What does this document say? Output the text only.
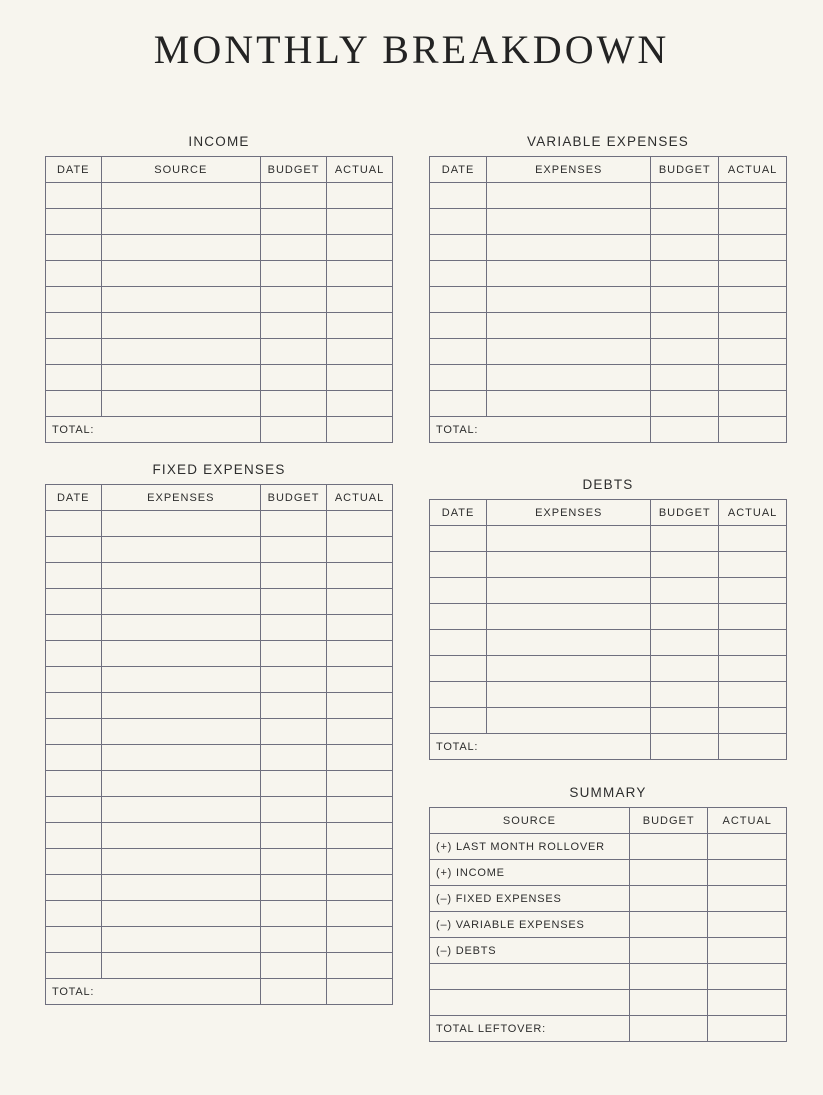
MONTHLY BREAKDOWN
INCOME
DATE	SOURCE	BUDGET	ACTUAL

TOTAL:			
FIXED EXPENSES
DATE	EXPENSES	BUDGET	ACTUAL

TOTAL:			
VARIABLE EXPENSES
DATE	EXPENSES	BUDGET	ACTUAL

TOTAL:			
DEBTS
DATE	EXPENSES	BUDGET	ACTUAL

TOTAL:			
SUMMARY
SOURCE	BUDGET	ACTUAL
(+) LAST MONTH ROLLOVER		
(+) INCOME		
(–) FIXED EXPENSES		
(–) VARIABLE EXPENSES		
(–) DEBTS		

TOTAL LEFTOVER:		
